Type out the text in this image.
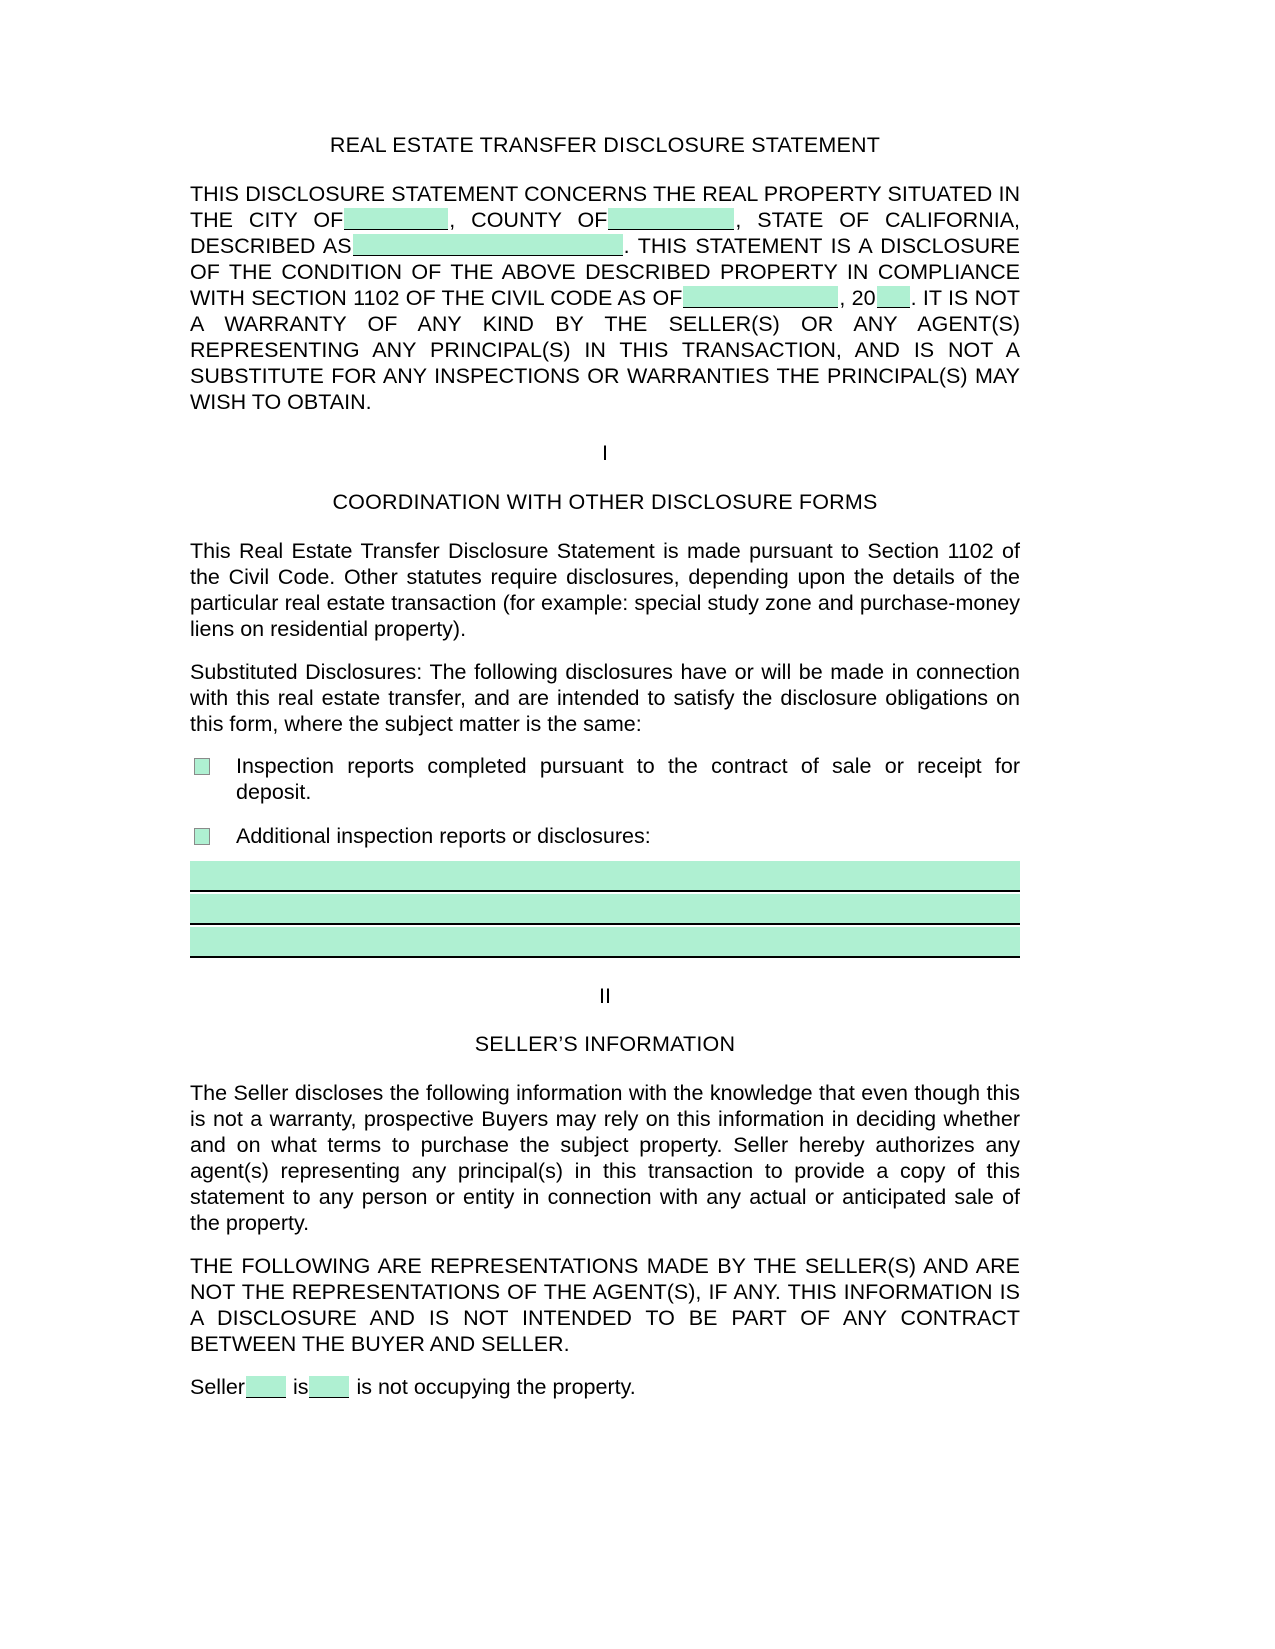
REAL ESTATE TRANSFER DISCLOSURE STATEMENT

THIS DISCLOSURE STATEMENT CONCERNS THE REAL PROPERTY SITUATED IN THE CITY OF	, COUNTY OF	, STATE OF CALIFORNIA, DESCRIBED AS	. THIS STATEMENT IS A DISCLOSURE OF THE CONDITION OF THE ABOVE DESCRIBED PROPERTY IN COMPLIANCE WITH SECTION 1102 OF THE CIVIL CODE AS OF	, 20 . IT IS NOT A WARRANTY OF ANY KIND BY THE SELLER(S) OR ANY AGENT(S) REPRESENTING ANY PRINCIPAL(S) IN THIS TRANSACTION, AND IS NOT A SUBSTITUTE FOR ANY INSPECTIONS OR WARRANTIES THE PRINCIPAL(S) MAY WISH TO OBTAIN.

I
COORDINATION WITH OTHER DISCLOSURE FORMS

This Real Estate Transfer Disclosure Statement is made pursuant to Section 1102 of the Civil Code. Other statutes require disclosures, depending upon the details of the particular real estate transaction (for example: special study zone and purchase-money liens on residential property).

Substituted Disclosures: The following disclosures have or will be made in connection with this real estate transfer, and are intended to satisfy the disclosure obligations on this form, where the subject matter is the same:

Inspection reports completed pursuant to the contract of sale or receipt for deposit.
Additional inspection reports or disclosures:
II
SELLER’S INFORMATION

The Seller discloses the following information with the knowledge that even though this is not a warranty, prospective Buyers may rely on this information in deciding whether and on what terms to purchase the subject property. Seller hereby authorizes any agent(s) representing any principal(s) in this transaction to provide a copy of this statement to any person or entity in connection with any actual or anticipated sale of the property.

THE FOLLOWING ARE REPRESENTATIONS MADE BY THE SELLER(S) AND ARE NOT THE REPRESENTATIONS OF THE AGENT(S), IF ANY. THIS INFORMATION IS A DISCLOSURE AND IS NOT INTENDED TO BE PART OF ANY CONTRACT BETWEEN THE BUYER AND SELLER.

Seller is is not occupying the property.
